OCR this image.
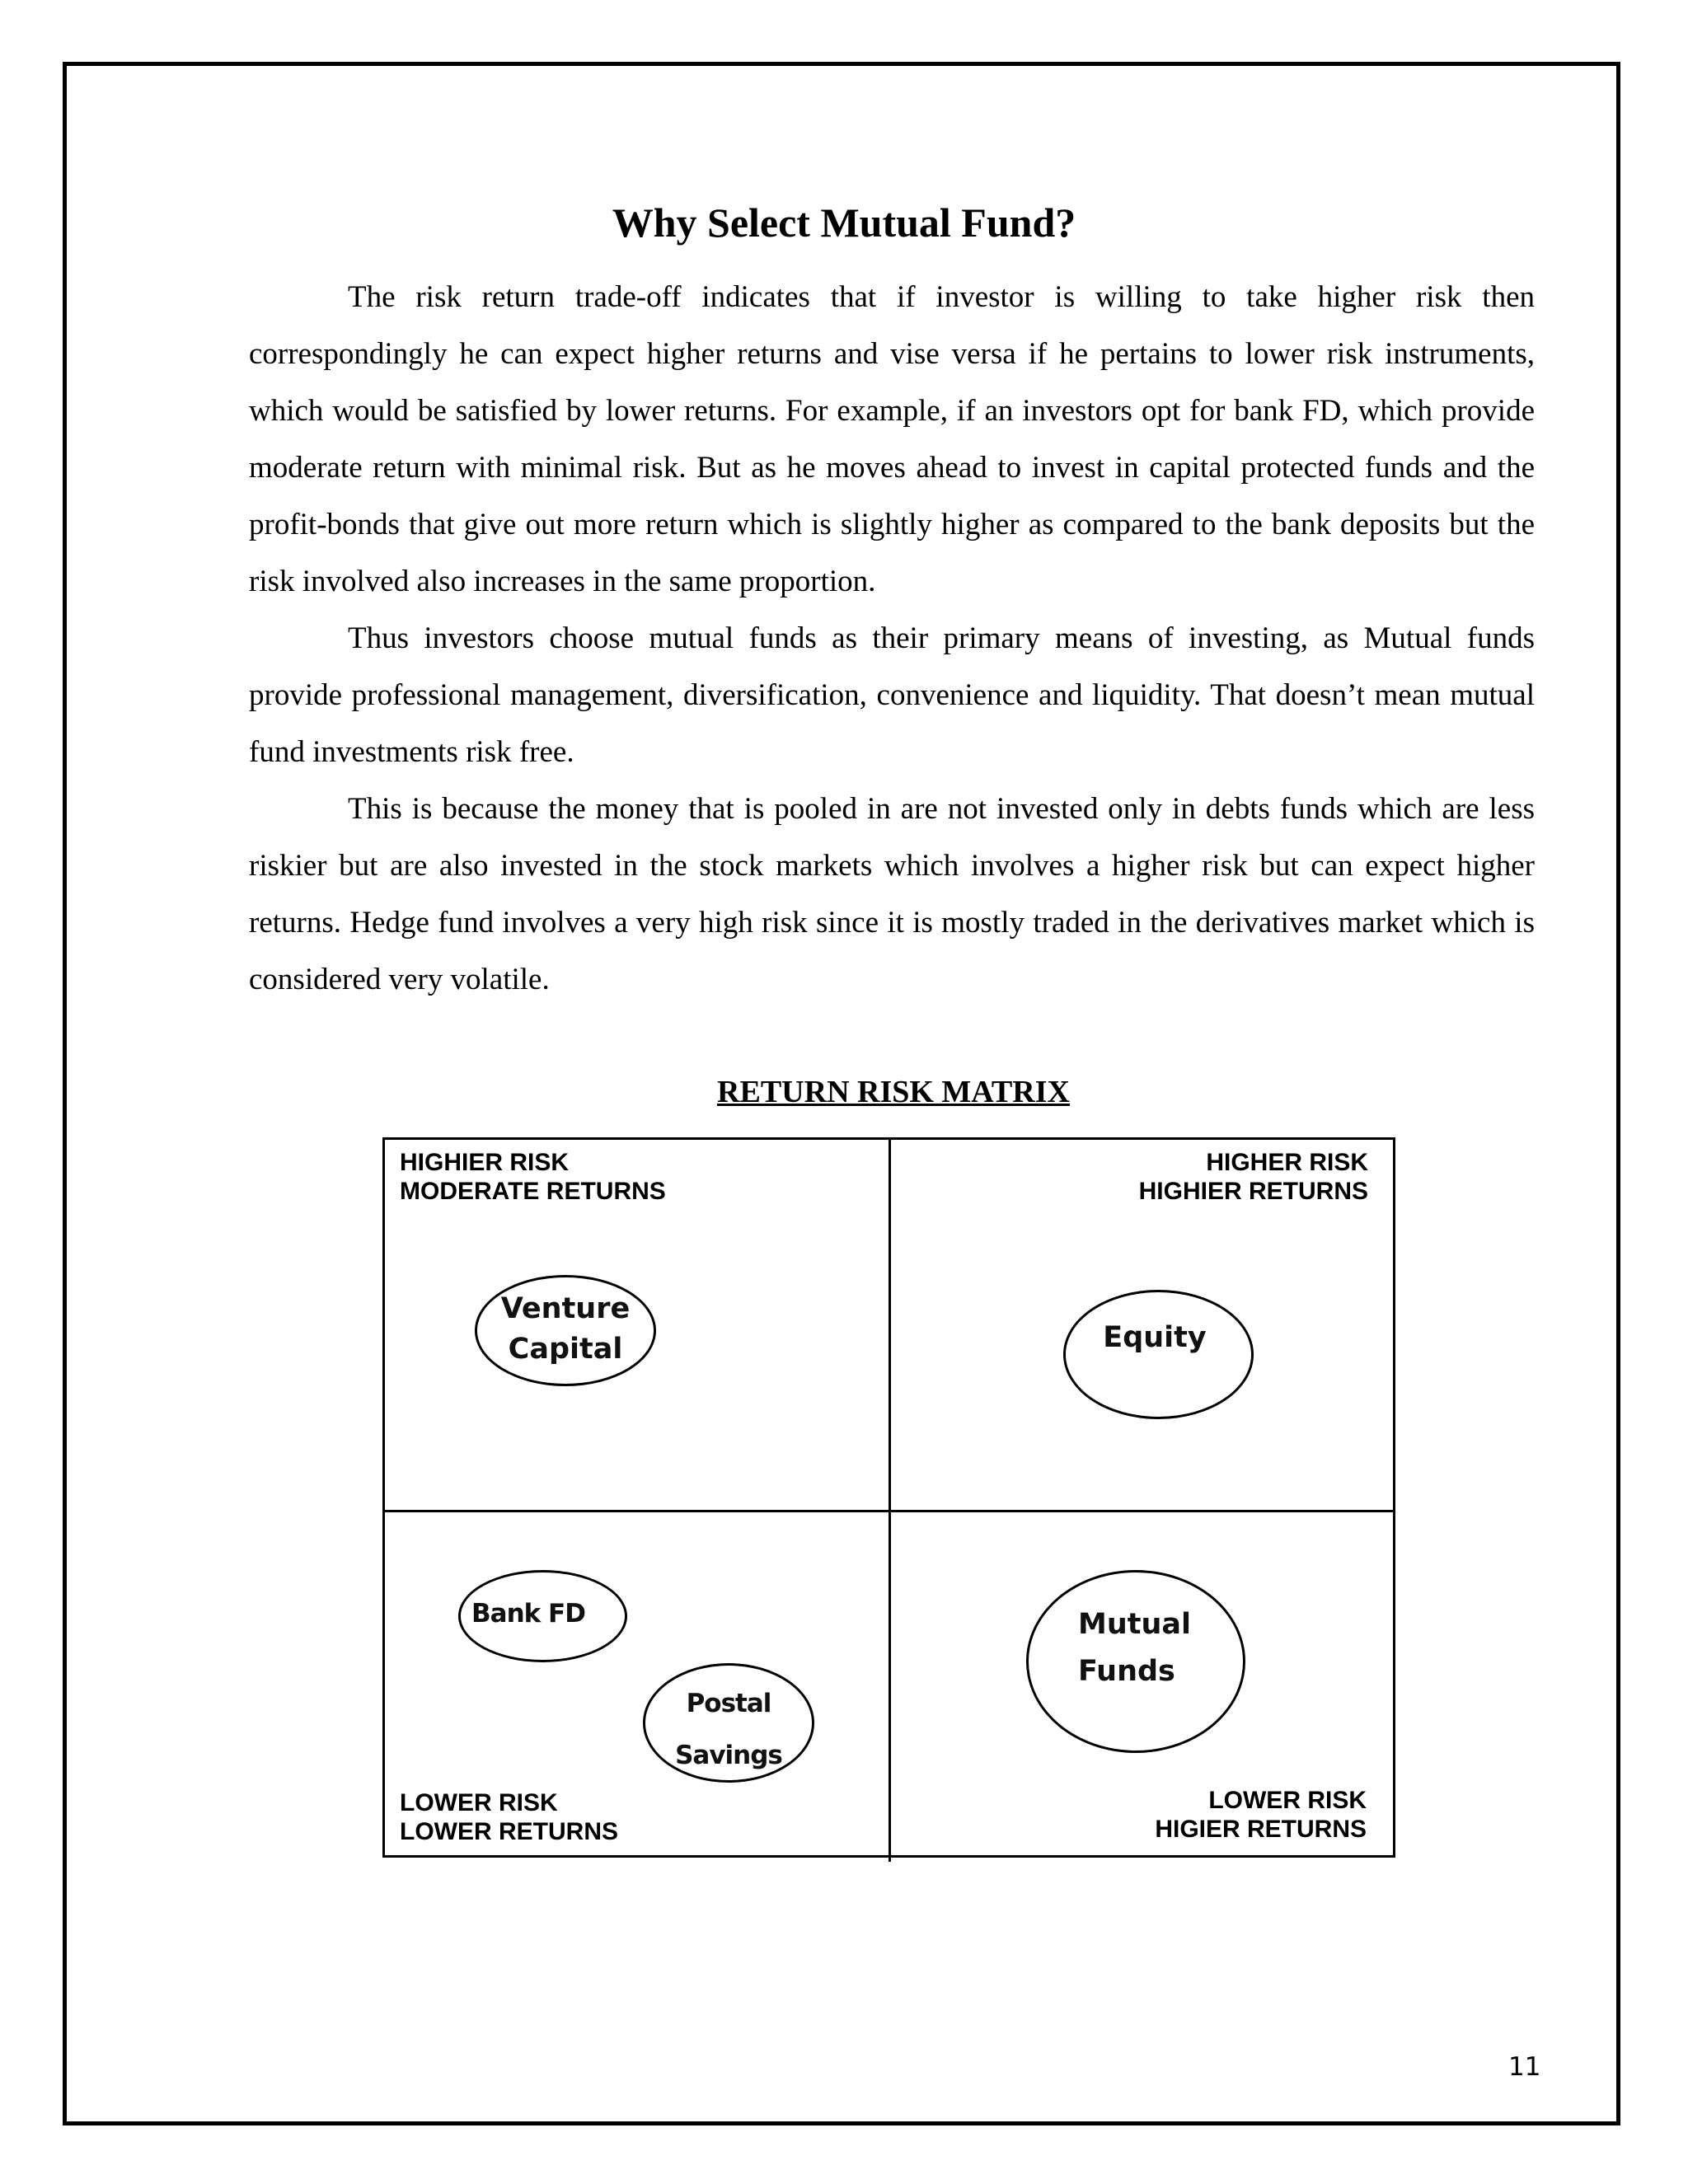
Why Select Mutual Fund?

The risk return trade-off indicates that if investor is willing to take higher risk then correspondingly he can expect higher returns and vise versa if he pertains to lower risk instruments, which would be satisfied by lower returns. For example, if an investors opt for bank FD, which provide moderate return with minimal risk. But as he moves ahead to invest in capital protected funds and the profit-bonds that give out more return which is slightly higher as compared to the bank deposits but the risk involved also increases in the same proportion.

Thus investors choose mutual funds as their primary means of investing, as Mutual funds provide professional management, diversification, convenience and liquidity. That doesn’t mean mutual fund investments risk free.

This is because the money that is pooled in are not invested only in debts funds which are less riskier but are also invested in the stock markets which involves a higher risk but can expect higher returns. Hedge fund involves a very high risk since it is mostly traded in the derivatives market which is considered very volatile.

RETURN RISK MATRIX
HIGHIER RISK
MODERATE RETURNS
HIGHER RISK
HIGHIER RETURNS
LOWER RISK
LOWER RETURNS
LOWER RISK
HIGIER RETURNS
Venture
Capital	Equity
Bank FD
Postal
Savings
Mutual
Funds
11
